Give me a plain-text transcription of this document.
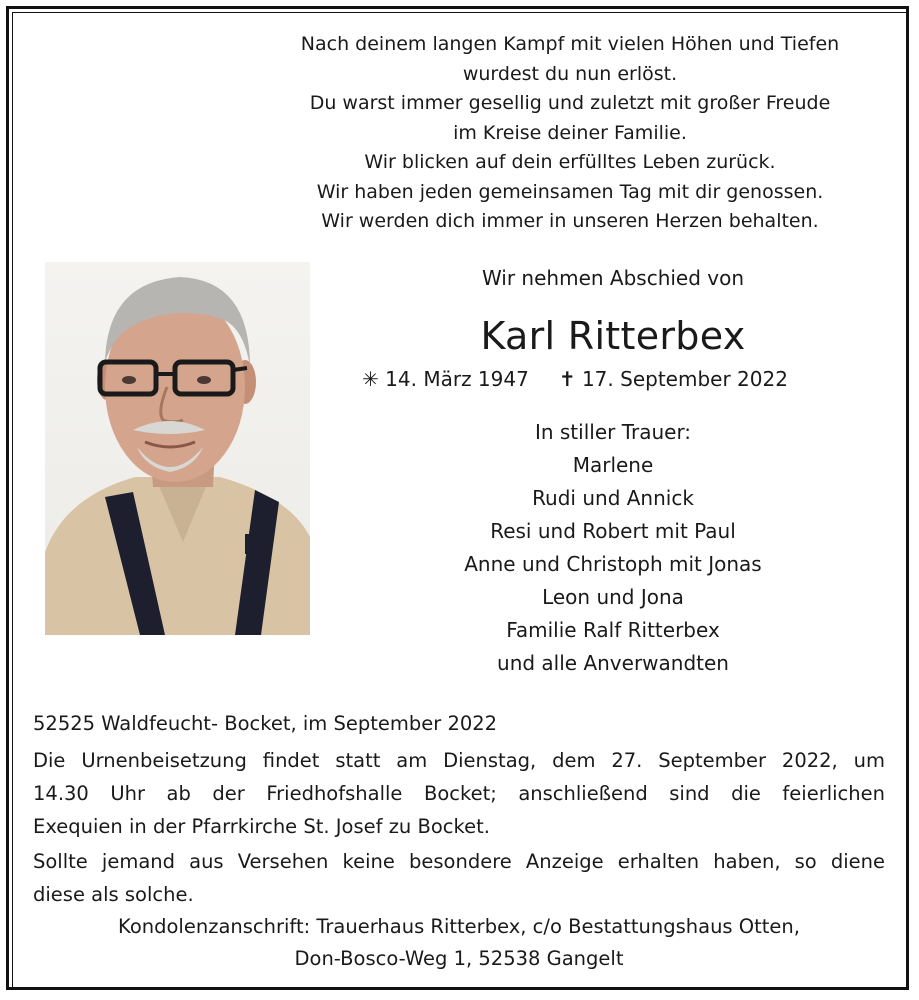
Nach deinem langen Kampf mit vielen Höhen und Tiefen
wurdest du nun erlöst.
Du warst immer gesellig und zuletzt mit großer Freude
im Kreise deiner Familie.
Wir blicken auf dein erfülltes Leben zurück.
Wir haben jeden gemeinsamen Tag mit dir genossen.
Wir werden dich immer in unseren Herzen behalten.
Wir nehmen Abschied von
Karl Ritterbex
✳ 14. März 1947 ✝ 17. September 2022
In stiller Trauer:
Marlene
Rudi und Annick
Resi und Robert mit Paul
Anne und Christoph mit Jonas
Leon und Jona
Familie Ralf Ritterbex
und alle Anverwandten
52525 Waldfeucht- Bocket, im September 2022
Die Urnenbeisetzung findet statt am Dienstag, dem 27. September 2022, um
14.30 Uhr ab der Friedhofshalle Bocket; anschließend sind die feierlichen
Exequien in der Pfarrkirche St. Josef zu Bocket.
Sollte jemand aus Versehen keine besondere Anzeige erhalten haben, so diene
diese als solche.
Kondolenzanschrift: Trauerhaus Ritterbex, c/o Bestattungshaus Otten,
Don-Bosco-Weg 1, 52538 Gangelt
